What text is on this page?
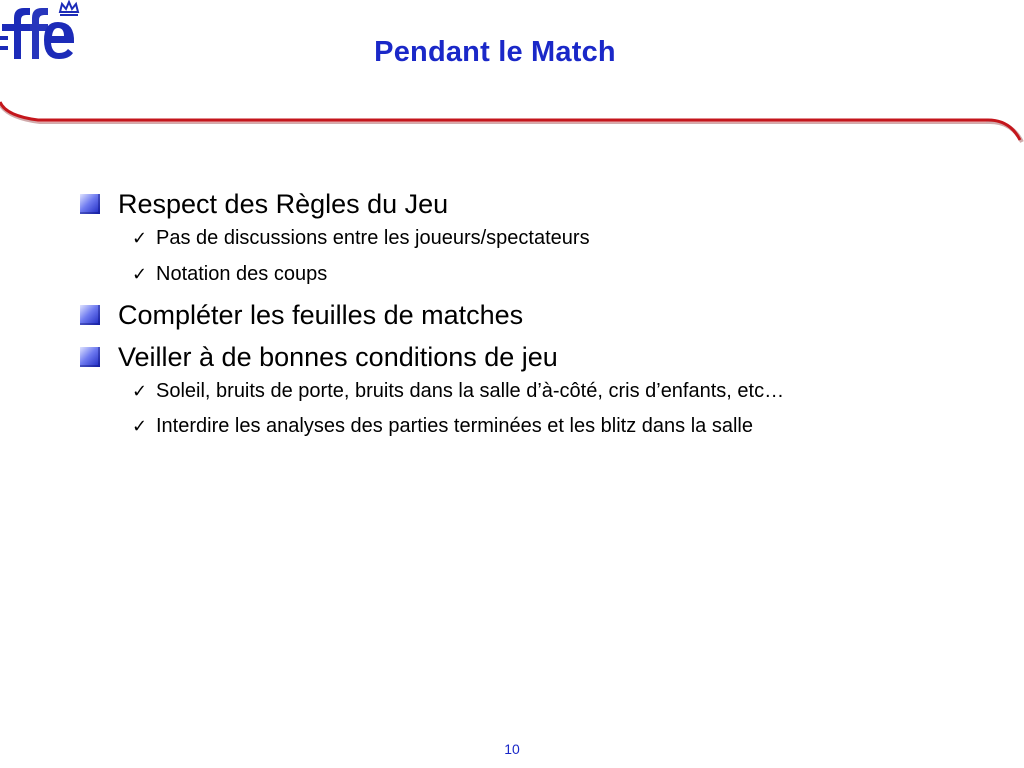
Pendant le Match
Respect des Règles du Jeu
✓ Pas de discussions entre les joueurs/spectateurs
✓ Notation des coups
Compléter les feuilles de matches
Veiller à de bonnes conditions de jeu
✓ Soleil, bruits de porte, bruits dans la salle d’à-côté, cris d’enfants, etc…
✓ Interdire les analyses des parties terminées et les blitz dans la salle
10
